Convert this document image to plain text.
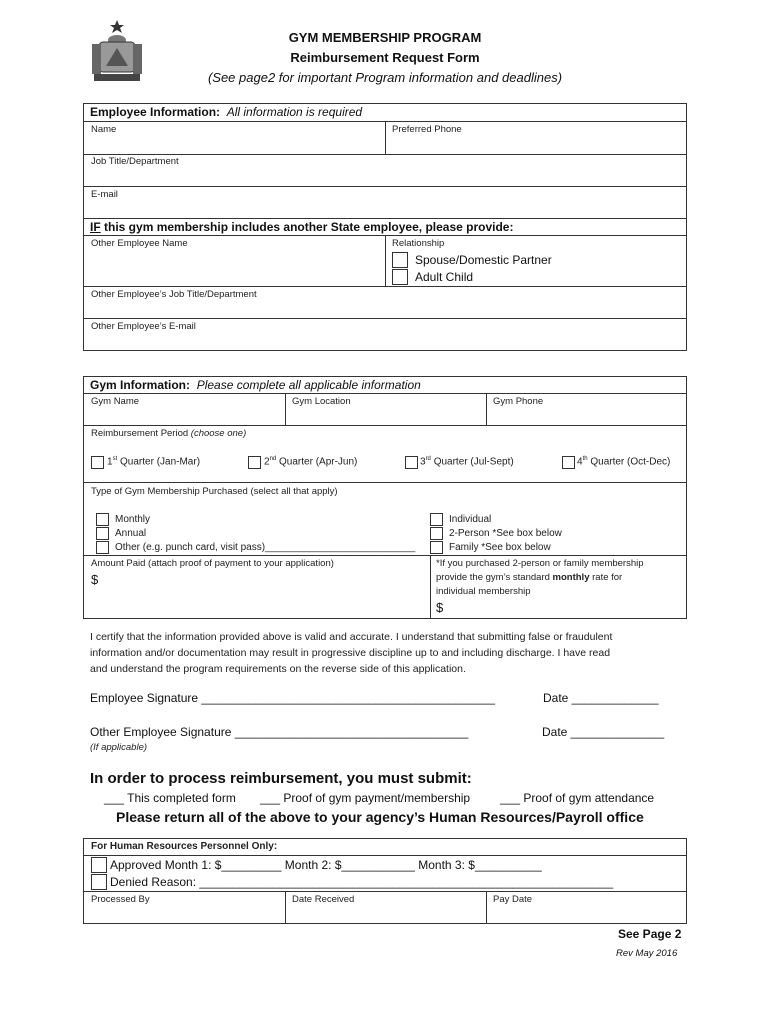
GYM MEMBERSHIP PROGRAM
Reimbursement Request Form
(See page2 for important Program information and deadlines)
Employee Information: All information is required
Name	Preferred Phone
Job Title/Department
E-mail
IF this gym membership includes another State employee, please provide:
Other Employee Name	Relationship
Spouse/Domestic Partner
Adult Child
Other Employee’s Job Title/Department
Other Employee’s E-mail
Gym Information: Please complete all applicable information
Gym Name	Gym Location	Gym Phone
Reimbursement Period (choose one)
1st Quarter (Jan-Mar)	2nd Quarter (Apr-Jun)	3rd Quarter (Jul-Sept)	4th Quarter (Oct-Dec)
Type of Gym Membership Purchased (select all that apply)
Monthly
Annual
Other (e.g. punch card, visit pass)___________________________
Individual
2-Person *See box below
Family *See box below
Amount Paid (attach proof of payment to your application)
$
*If you purchased 2-person or family membership
provide the gym’s standard monthly rate for
individual membership
$
I certify that the information provided above is valid and accurate. I understand that submitting false or fraudulent
information and/or documentation may result in progressive discipline up to and including discharge. I have read
and understand the program requirements on the reverse side of this application.
Employee Signature ____________________________________________	Date _____________
Other Employee Signature ___________________________________	Date ______________
(If applicable)
In order to process reimbursement, you must submit:
___ This completed form ___ Proof of gym payment/membership ___ Proof of gym attendance
Please return all of the above to your agency’s Human Resources/Payroll office
For Human Resources Personnel Only:
Approved Month 1: $_________ Month 2: $___________ Month 3: $__________
Denied Reason: ______________________________________________________________
Processed By	Date Received	Pay Date
See Page 2
Rev May 2016
